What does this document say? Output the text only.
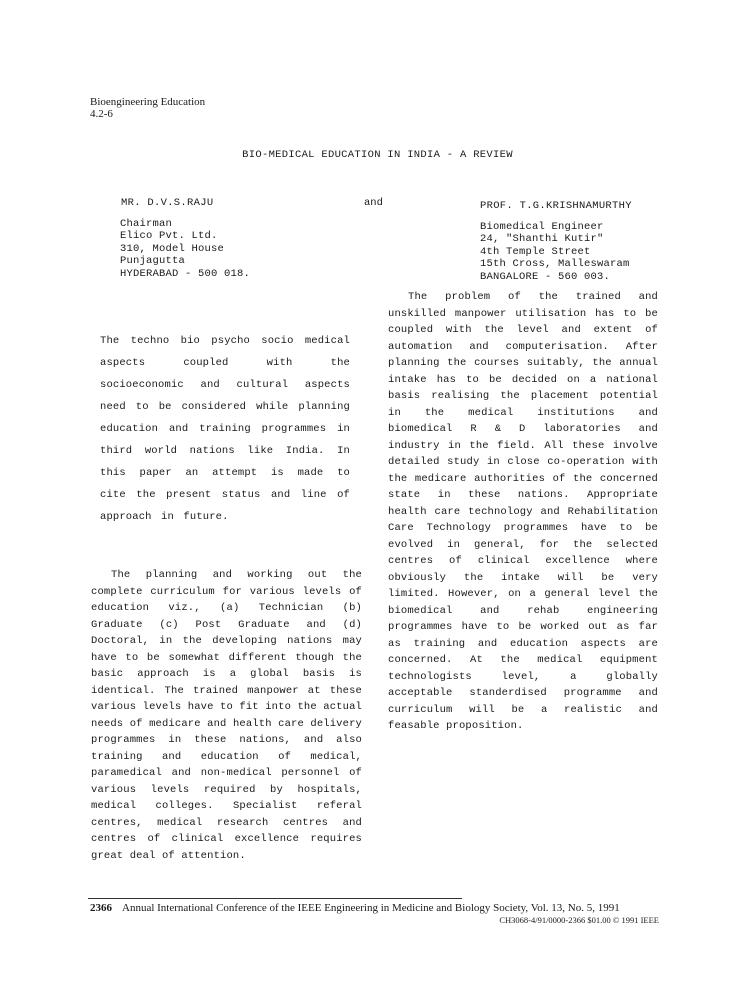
Bioengineering Education
4.2-6
BIO-MEDICAL EDUCATION IN INDIA - A REVIEW
MR. D.V.S.RAJU	and	PROF. T.G.KRISHNAMURTHY
Chairman
Elico Pvt. Ltd.
310, Model House
Punjagutta
HYDERABAD - 500 018.
Biomedical Engineer
24, "Shanthi Kutir"
4th Temple Street
15th Cross, Malleswaram
BANGALORE - 560 003.
The techno bio psycho socio medical aspects coupled with the socioeconomic and cultural aspects need to be considered while planning education and training programmes in third world nations like India. In this paper an attempt is made to cite the present status and line of approach in future.
The planning and working out the complete curriculum for various levels of education viz., (a) Technician (b) Graduate (c) Post Graduate and (d) Doctoral, in the developing nations may have to be somewhat different though the basic approach is a global basis is identical. The trained manpower at these various levels have to fit into the actual needs of medicare and health care delivery programmes in these nations, and also training and education of medical, paramedical and non-medical personnel of various levels required by hospitals, medical colleges. Specialist referal centres, medical research centres and centres of clinical excellence requires great deal of attention.
The problem of the trained and unskilled manpower utilisation has to be coupled with the level and extent of automation and computerisation. After planning the courses suitably, the annual intake has to be decided on a national basis realising the placement potential in the medical institutions and biomedical R & D laboratories and industry in the field. All these involve detailed study in close co-operation with the medicare authorities of the concerned state in these nations. Appropriate health care technology and Rehabilitation Care Technology programmes have to be evolved in general, for the selected centres of clinical excellence where obviously the intake will be very limited. However, on a general level the biomedical and rehab engineering programmes have to be worked out as far as training and education aspects are concerned. At the medical equipment technologists level, a globally acceptable standerdised programme and curriculum will be a realistic and feasable proposition.
2366 Annual International Conference of the IEEE Engineering in Medicine and Biology Society, Vol. 13, No. 5, 1991
CH3068-4/91/0000-2366 $01.00 © 1991 IEEE
